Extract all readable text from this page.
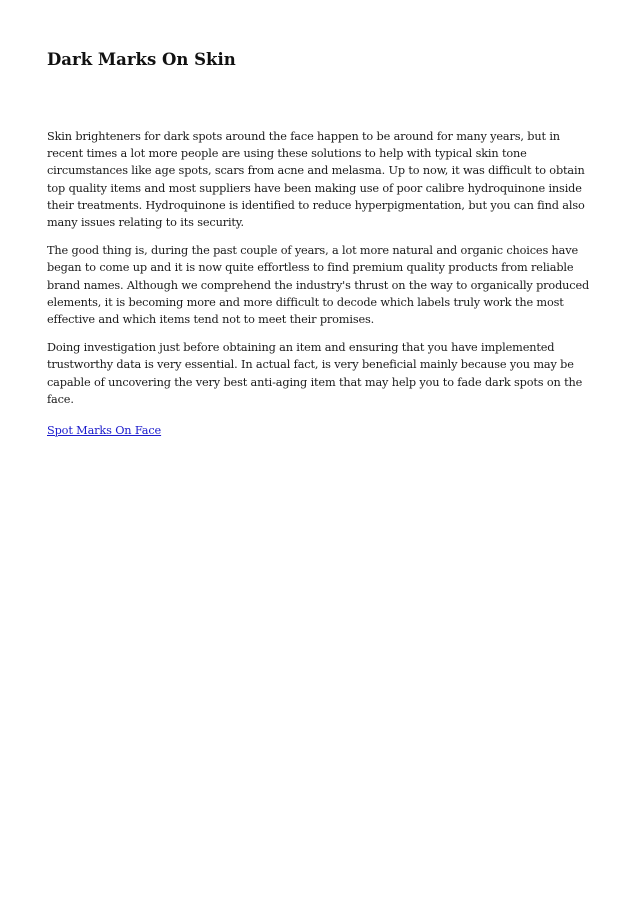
Dark Marks On Skin

Skin brighteners for dark spots around the face happen to be around for many years, but in recent times a lot more people are using these solutions to help with typical skin tone circumstances like age spots, scars from acne and melasma. Up to now, it was difficult to obtain top quality items and most suppliers have been making use of poor calibre hydroquinone inside their treatments. Hydroquinone is identified to reduce hyperpigmentation, but you can find also many issues relating to its security.

The good thing is, during the past couple of years, a lot more natural and organic choices have began to come up and it is now quite effortless to find premium quality products from reliable brand names. Although we comprehend the industry's thrust on the way to organically produced elements, it is becoming more and more difficult to decode which labels truly work the most effective and which items tend not to meet their promises.

Doing investigation just before obtaining an item and ensuring that you have implemented trustworthy data is very essential. In actual fact, is very beneficial mainly because you may be capable of uncovering the very best anti-aging item that may help you to fade dark spots on the face.

Spot Marks On Face
